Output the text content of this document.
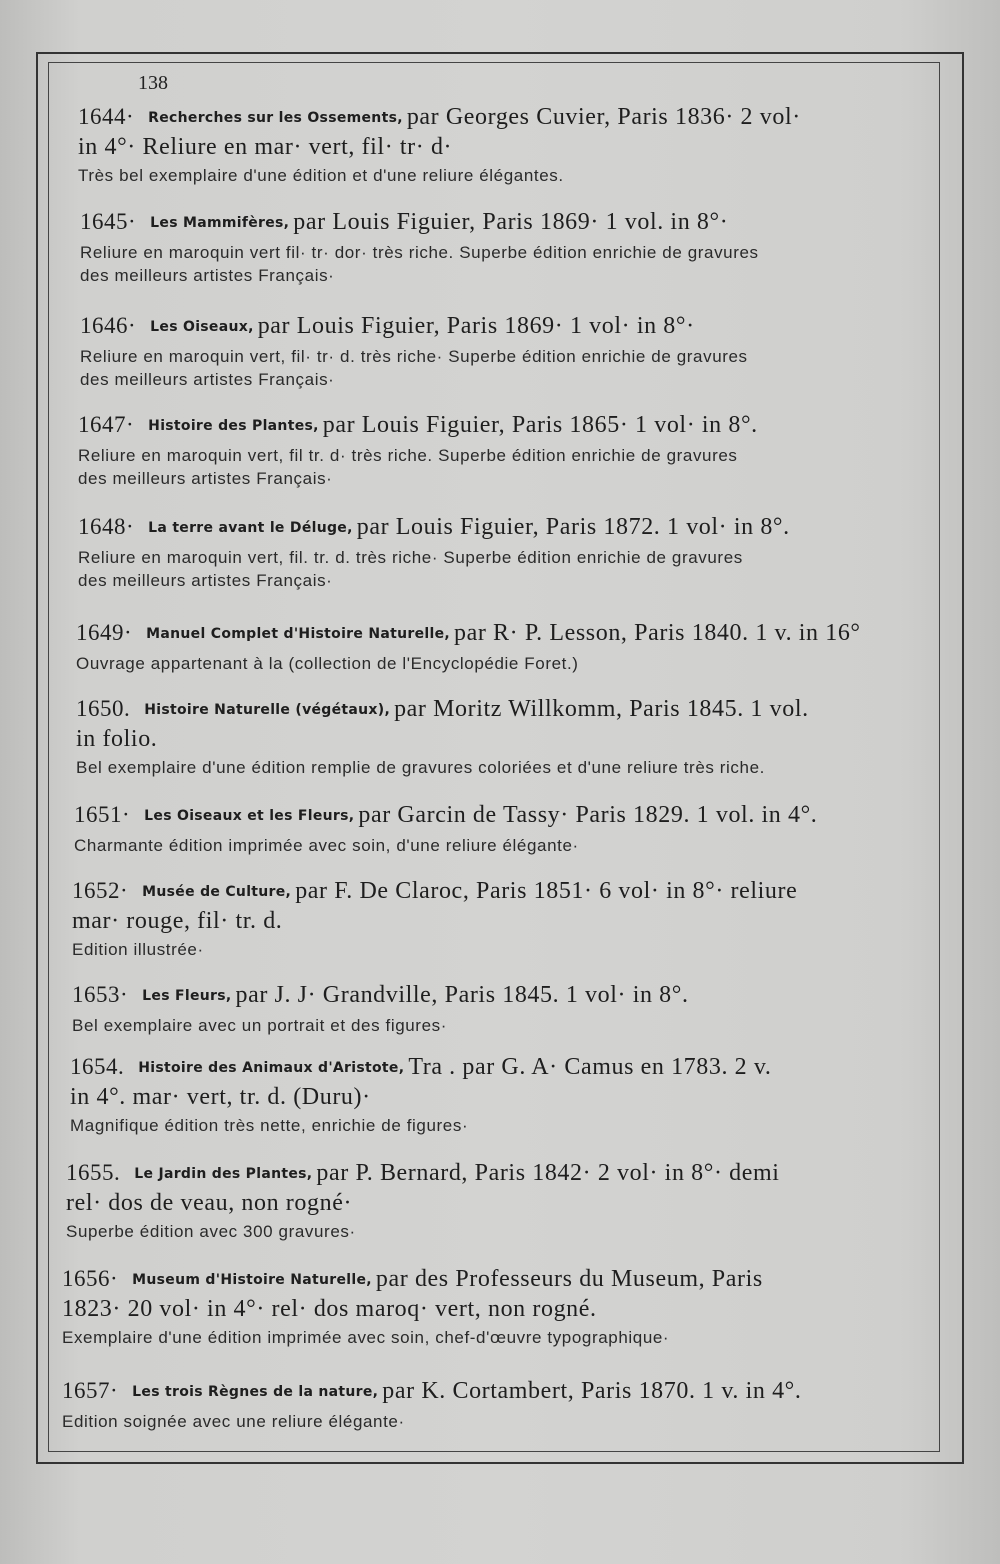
138
1644· Recherches sur les Ossements, par Georges Cuvier, Paris 1836· 2 vol·
in 4°· Reliure en mar· vert, fil· tr· d·
Très bel exemplaire d'une édition et d'une reliure élégantes.
1645· Les Mammifères, par Louis Figuier, Paris 1869· 1 vol. in 8°·
Reliure en maroquin vert fil· tr· dor· très riche. Superbe édition enrichie de gravures
des meilleurs artistes Français·
1646· Les Oiseaux, par Louis Figuier, Paris 1869· 1 vol· in 8°·
Reliure en maroquin vert, fil· tr· d. très riche· Superbe édition enrichie de gravures
des meilleurs artistes Français·
1647· Histoire des Plantes, par Louis Figuier, Paris 1865· 1 vol· in 8°.
Reliure en maroquin vert, fil tr. d· très riche. Superbe édition enrichie de gravures
des meilleurs artistes Français·
1648· La terre avant le Déluge, par Louis Figuier, Paris 1872. 1 vol· in 8°.
Reliure en maroquin vert, fil. tr. d. très riche· Superbe édition enrichie de gravures
des meilleurs artistes Français·
1649· Manuel Complet d'Histoire Naturelle, par R· P. Lesson, Paris 1840. 1 v. in 16°
Ouvrage appartenant à la (collection de l'Encyclopédie Foret.)
1650. Histoire Naturelle (végétaux), par Moritz Willkomm, Paris 1845. 1 vol.
in folio.
Bel exemplaire d'une édition remplie de gravures coloriées et d'une reliure très riche.
1651· Les Oiseaux et les Fleurs, par Garcin de Tassy· Paris 1829. 1 vol. in 4°.
Charmante édition imprimée avec soin, d'une reliure élégante·
1652· Musée de Culture, par F. De Claroc, Paris 1851· 6 vol· in 8°· reliure
mar· rouge, fil· tr. d.
Edition illustrée·
1653· Les Fleurs, par J. J· Grandville, Paris 1845. 1 vol· in 8°.
Bel exemplaire avec un portrait et des figures·
1654. Histoire des Animaux d'Aristote, Tra . par G. A· Camus en 1783. 2 v.
in 4°. mar· vert, tr. d. (Duru)·
Magnifique édition très nette, enrichie de figures·
1655. Le Jardin des Plantes, par P. Bernard, Paris 1842· 2 vol· in 8°· demi
rel· dos de veau, non rogné·
Superbe édition avec 300 gravures·
1656· Museum d'Histoire Naturelle, par des Professeurs du Museum, Paris
1823· 20 vol· in 4°· rel· dos maroq· vert, non rogné.
Exemplaire d'une édition imprimée avec soin, chef-d'œuvre typographique·
1657· Les trois Règnes de la nature, par K. Cortambert, Paris 1870. 1 v. in 4°.
Edition soignée avec une reliure élégante·
